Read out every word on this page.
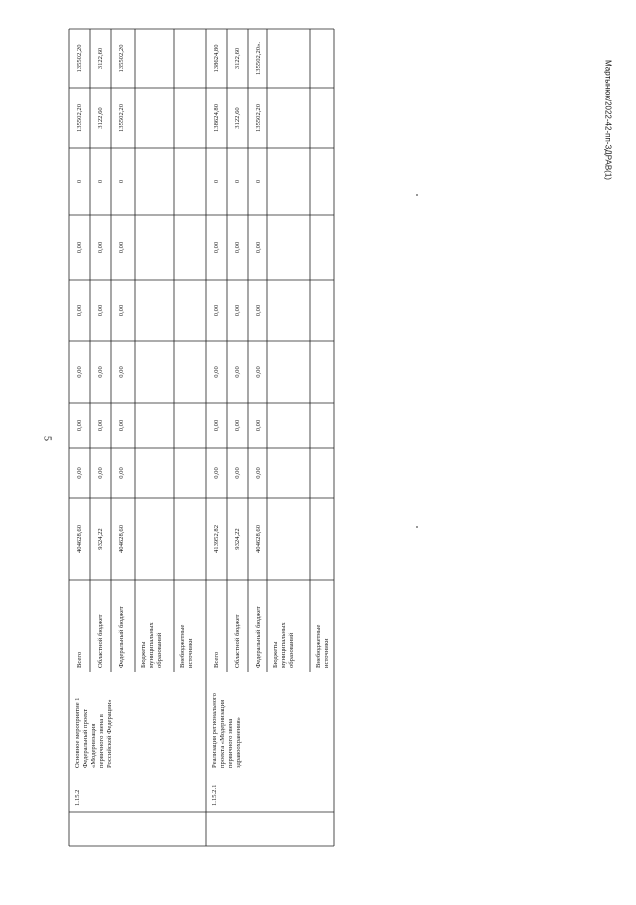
5
Мартынюк/2022-42-пп-ЗДРАВ(1)
1.15.2
Основное мероприятие 1 Федеральный проект «Модернизация первичного звена в Российской Федерации»
Всего
404628,60
0,00
0,00
0,00
0,00
0,00
0
135502,20
135502,20
Областной бюджет
9324,22
0,00
0,00
0,00
0,00
0,00
0
3122,60
3122,60
Федеральный бюджет
404628,60
0,00
0,00
0,00
0,00
0,00
0
135502,20
135502,20
Бюджеты муниципальных образований Внебюджетные источники
1.15.2.1
Реализация регионального проекта «Модернизация первичного звена здравоохранения»
Всего
413952,82
0,00
0,00
0,00
0,00
0,00
0
138624,80
138624,80
Областной бюджет
9324,22
0,00
0,00
0,00
0,00
0,00
0
3122,60
3122,60
Федеральный бюджет
404628,60
0,00
0,00
0,00
0,00
0,00
0
135502,20
135502,20».
Бюджеты муниципальных образований	Внебюджетные источники
